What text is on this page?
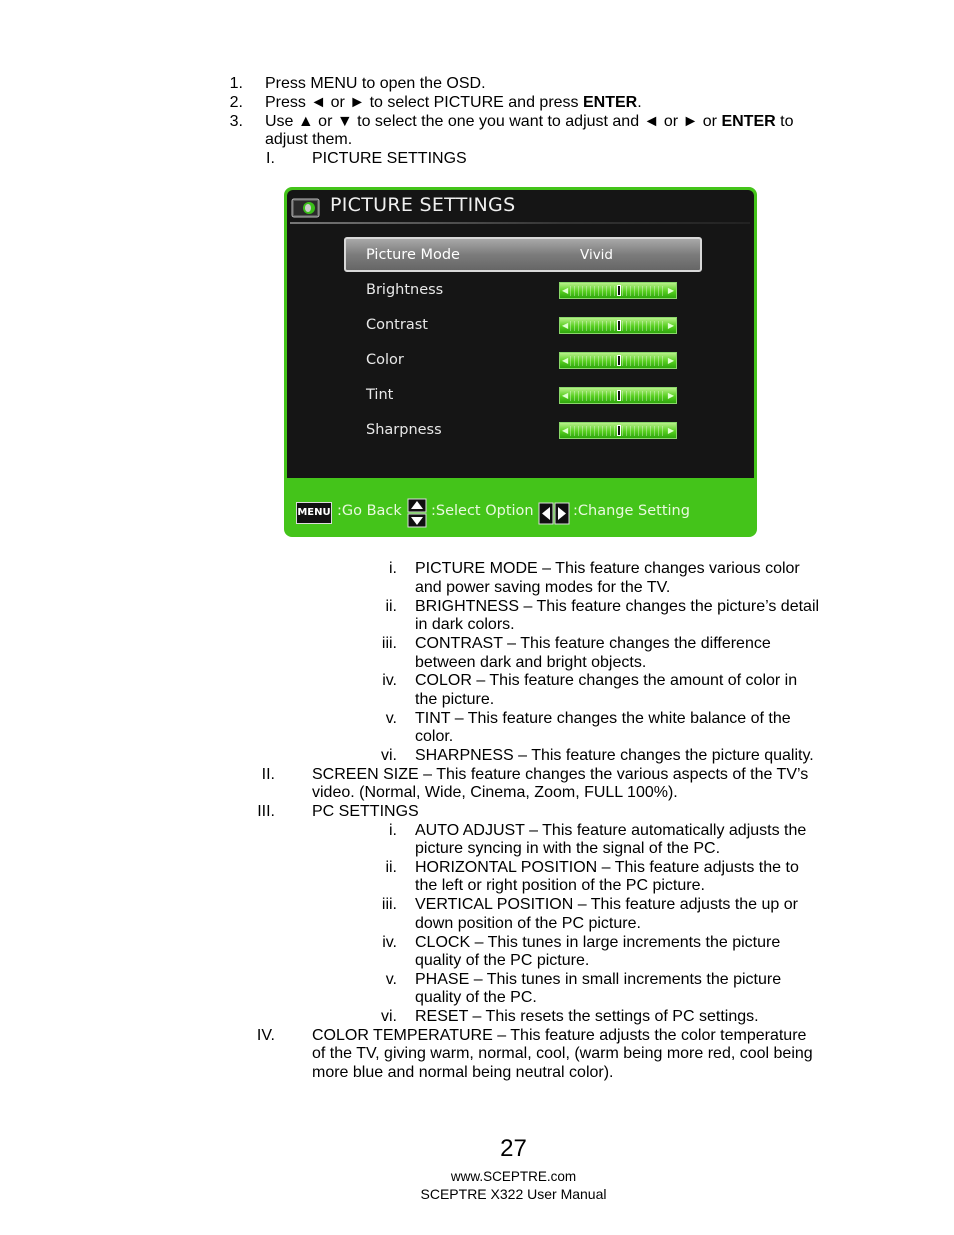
1. Press MENU to open the OSD.
2. Press ◄ or ► to select PICTURE and press ENTER.
3. Use ▲ or ▼ to select the one you want to adjust and ◄ or ► or ENTER to
adjust them.
I. PICTURE SETTINGS
PICTURE SETTINGS
Picture Mode	Vivid
Brightness	◀	▶
Contrast	◀	▶
Color	◀	▶
Tint	◀	▶
Sharpness	◀	▶
MENU :Go Back :Select Option	:Change Setting
i. PICTURE MODE – This feature changes various color
and power saving modes for the TV.
ii. BRIGHTNESS – This feature changes the picture’s detail
in dark colors.
iii. CONTRAST – This feature changes the difference
between dark and bright objects.
iv. COLOR – This feature changes the amount of color in
the picture.
v. TINT – This feature changes the white balance of the
color.
vi. SHARPNESS – This feature changes the picture quality.
II. SCREEN SIZE – This feature changes the various aspects of the TV’s
video. (Normal, Wide, Cinema, Zoom, FULL 100%).
III. PC SETTINGS
i. AUTO ADJUST – This feature automatically adjusts the
picture syncing in with the signal of the PC.
ii. HORIZONTAL POSITION – This feature adjusts the to
the left or right position of the PC picture.
iii. VERTICAL POSITION – This feature adjusts the up or
down position of the PC picture.
iv. CLOCK – This tunes in large increments the picture
quality of the PC picture.
v. PHASE – This tunes in small increments the picture
quality of the PC.
vi. RESET – This resets the settings of PC settings.
IV. COLOR TEMPERATURE – This feature adjusts the color temperature
of the TV, giving warm, normal, cool, (warm being more red, cool being
more blue and normal being neutral color).
27
www.SCEPTRE.com
SCEPTRE X322 User Manual
